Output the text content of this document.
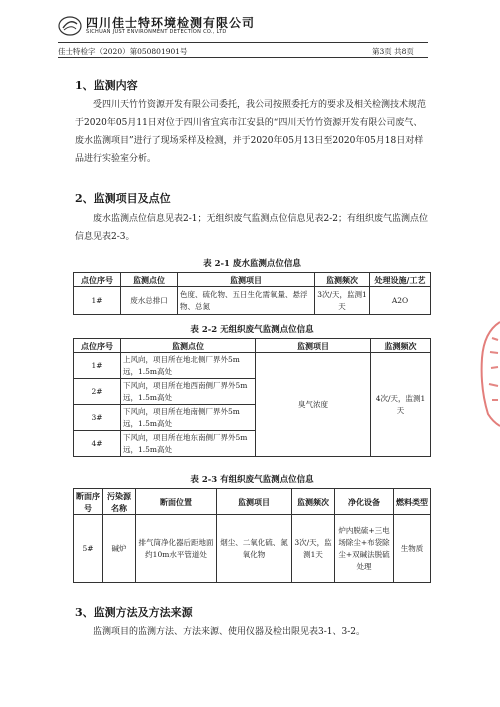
四川佳士特环境检测有限公司
SICHUAN JUST ENVIRONMENT DETECTION CO., LTD
佳士特检字（2020）第050801901号	第3页 共8页
1、监测内容
受四川天竹竹资源开发有限公司委托，我公司按照委托方的要求及相关检测技术规范于2020年05月11日对位于四川省宜宾市江安县的“四川天竹竹资源开发有限公司废气、废水监测项目”进行了现场采样及检测，并于2020年05月13日至2020年05月18日对样品进行实验室分析。
2、监测项目及点位
废水监测点位信息见表2-1；无组织废气监测点位信息见表2-2；有组织废气监测点位信息见表2-3。
表 2-1 废水监测点位信息
点位序号	监测点位	监测项目	监测频次	处理设施/工艺
1#	废水总排口	色度、硫化物、五日生化需氧量、悬浮物、总氮	3次/天，监测1天	A2O
表 2-2 无组织废气监测点位信息
点位序号	监测点位	监测项目	监测频次
1#	上风向，项目所在地北侧厂界外5m远，1.5m高处	臭气浓度	4次/天，监测1天
2#	下风向，项目所在地西南侧厂界外5m远，1.5m高处		
3#	下风向，项目所在地南侧厂界外5m远，1.5m高处		
4#	下风向，项目所在地东南侧厂界外5m远，1.5m高处		
表 2-3 有组织废气监测点位信息
断面序号	污染源名称	断面位置	监测项目	监测频次	净化设备	燃料类型
5#	碱炉	排气筒净化器后距地面约10m水平管道处	烟尘、二氧化硫、氮氧化物	3次/天，监测1天	炉内脱硫+三电场除尘+布袋除尘+双碱法脱硫处理	生物质
3、监测方法及方法来源
监测项目的监测方法、方法来源、使用仪器及检出限见表3-1、3-2。
